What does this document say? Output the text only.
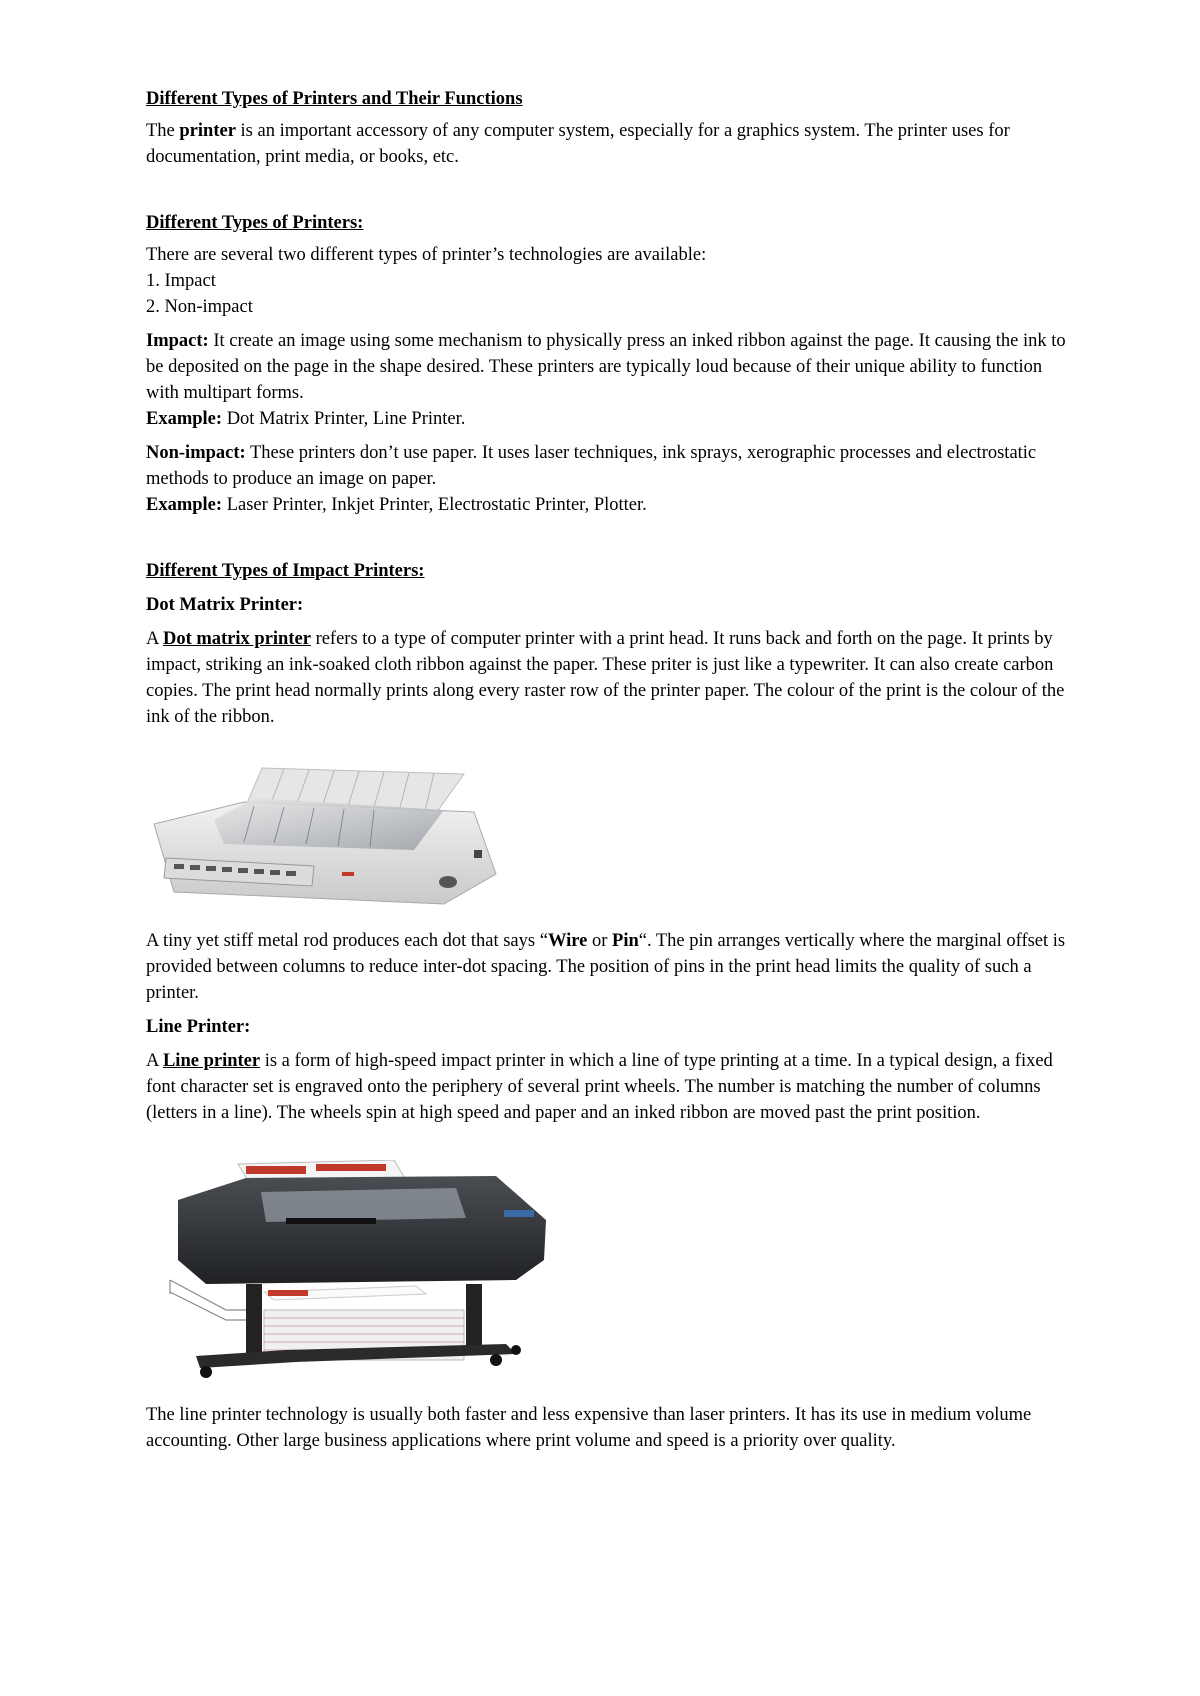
Different Types of Printers and Their Functions

The printer is an important accessory of any computer system, especially for a graphics system. The printer uses for documentation, print media, or books, etc.

Different Types of Printers:

There are several two different types of printer’s technologies are available:

1. Impact

2. Non-impact

Impact: It create an image using some mechanism to physically press an inked ribbon against the page. It causing the ink to be deposited on the page in the shape desired. These printers are typically loud because of their unique ability to function with multipart forms.
Example: Dot Matrix Printer, Line Printer.

Non-impact: These printers don’t use paper. It uses laser techniques, ink sprays, xerographic processes and electrostatic methods to produce an image on paper.
Example: Laser Printer, Inkjet Printer, Electrostatic Printer, Plotter.

Different Types of Impact Printers:

Dot Matrix Printer:

A Dot matrix printer refers to a type of computer printer with a print head. It runs back and forth on the page. It prints by impact, striking an ink-soaked cloth ribbon against the paper. These priter is just like a typewriter. It can also create carbon copies. The print head normally prints along every raster row of the printer paper. The colour of the print is the colour of the ink of the ribbon.

A tiny yet stiff metal rod produces each dot that says “Wire or Pin“. The pin arranges vertically where the marginal offset is provided between columns to reduce inter-dot spacing. The position of pins in the print head limits the quality of such a printer.

Line Printer:

A Line printer is a form of high-speed impact printer in which a line of type printing at a time. In a typical design, a fixed font character set is engraved onto the periphery of several print wheels. The number is matching the number of columns (letters in a line). The wheels spin at high speed and paper and an inked ribbon are moved past the print position.

The line printer technology is usually both faster and less expensive than laser printers. It has its use in medium volume accounting. Other large business applications where print volume and speed is a priority over quality.
